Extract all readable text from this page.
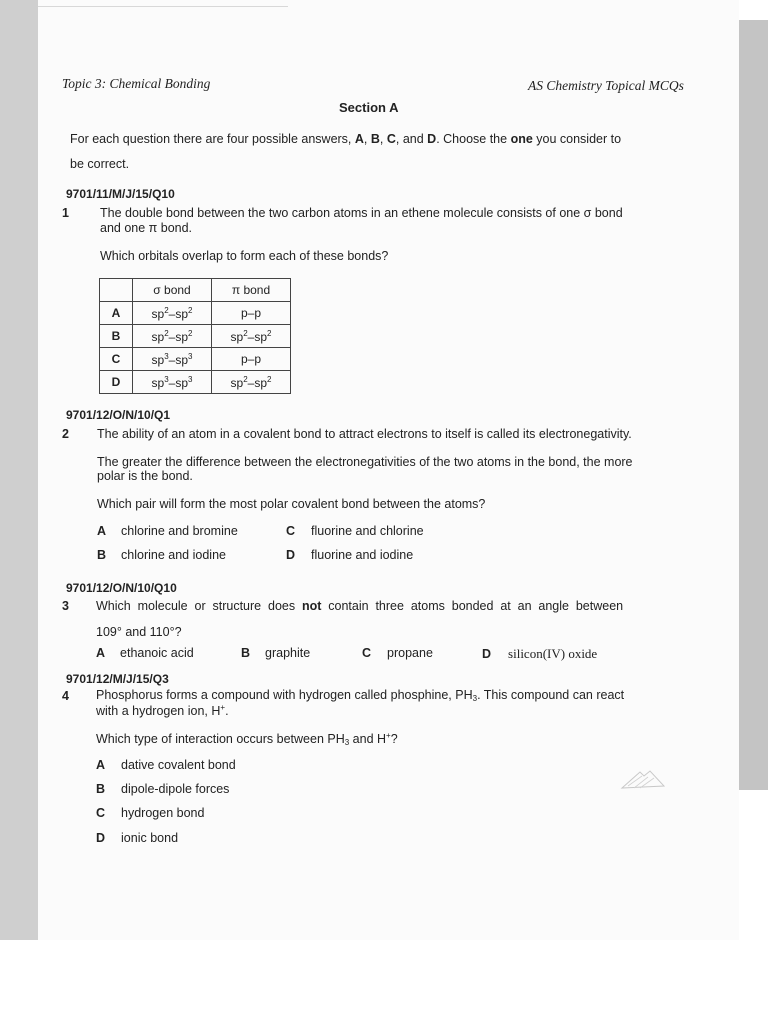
Topic 3: Chemical Bonding	AS Chemistry Topical MCQs
Section A
For each question there are four possible answers, A, B, C, and D. Choose the one you consider to
be correct.
9701/11/M/J/15/Q10
1 The double bond between the two carbon atoms in an ethene molecule consists of one σ bond
and one π bond.
Which orbitals overlap to form each of these bonds?
	σ bond	π bond
A	$sp^2-sp^2$	p–p
B	$sp^2-sp^2$	$sp^2-sp^2$
C	$sp^3-sp^3$	p–p
D	$sp^3-sp^3$	$sp^2-sp^2$
9701/12/O/N/10/Q1
2 The ability of an atom in a covalent bond to attract electrons to itself is called its electronegativity.
The greater the difference between the electronegativities of the two atoms in the bond, the more
polar is the bond.
Which pair will form the most polar covalent bond between the atoms?
A chlorine and bromine	C fluorine and chlorine
B chlorine and iodine	D fluorine and iodine
9701/12/O/N/10/Q10
3 Which molecule or structure does not contain three atoms bonded at an angle between
109° and 110°?
A ethanoic acid	B graphite	C propane	D silicon(IV) oxide
9701/12/M/J/15/Q3
4 Phosphorus forms a compound with hydrogen called phosphine, $PH_3$. This compound can react
with a hydrogen ion, H+.
Which type of interaction occurs between $PH_3$ and H+?
A dative covalent bond
B dipole-dipole forces
C hydrogen bond
D ionic bond
